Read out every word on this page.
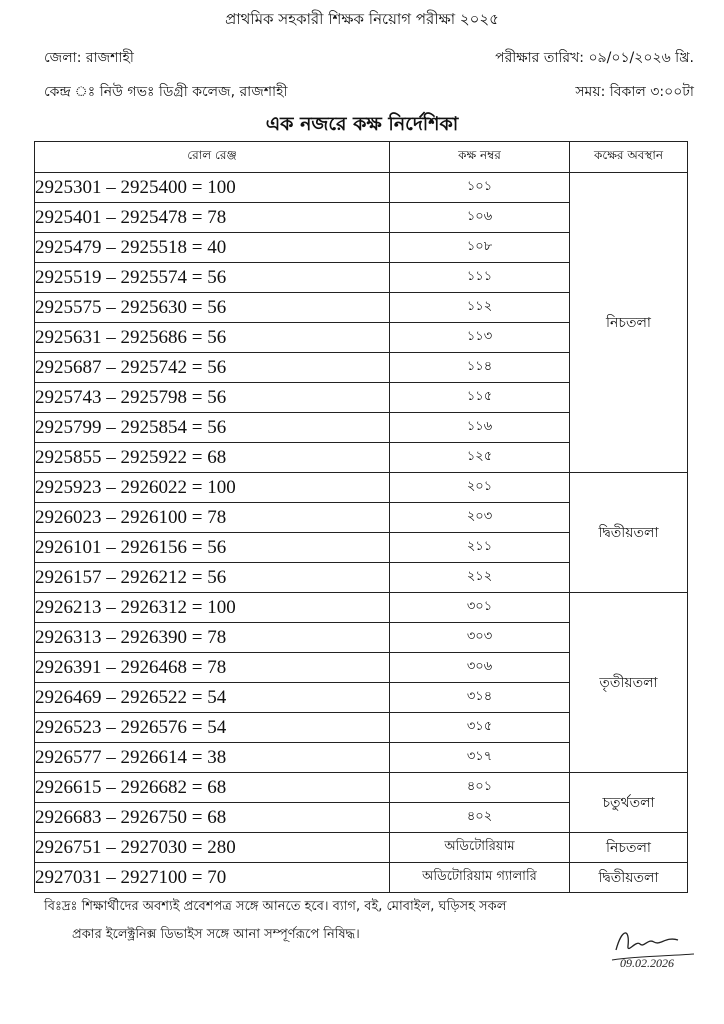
প্রাথমিক সহকারী শিক্ষক নিয়োগ পরীক্ষা ২০২৫
জেলা: রাজশাহী	পরীক্ষার তারিখ: ০৯/০১/২০২৬ খ্রি.
কেন্দ্র ঃ নিউ গভঃ ডিগ্রী কলেজ, রাজশাহী	সময়: বিকাল ৩:০০টা
এক নজরে কক্ষ নির্দেশিকা
রোল রেঞ্জ	কক্ষ নম্বর	কক্ষের অবস্থান
2925301 – 2925400 = 100	১০১	নিচতলা
2925401 – 2925478 = 78	১০৬	
2925479 – 2925518 = 40	১০৮	
2925519 – 2925574 = 56	১১১	
2925575 – 2925630 = 56	১১২	
2925631 – 2925686 = 56	১১৩	
2925687 – 2925742 = 56	১১৪	
2925743 – 2925798 = 56	১১৫	
2925799 – 2925854 = 56	১১৬	
2925855 – 2925922 = 68	১২৫	
2925923 – 2926022 = 100	২০১	দ্বিতীয়তলা
2926023 – 2926100 = 78	২০৩	
2926101 – 2926156 = 56	২১১	
2926157 – 2926212 = 56	২১২	
2926213 – 2926312 = 100	৩০১	তৃতীয়তলা
2926313 – 2926390 = 78	৩০৩	
2926391 – 2926468 = 78	৩০৬	
2926469 – 2926522 = 54	৩১৪	
2926523 – 2926576 = 54	৩১৫	
2926577 – 2926614 = 38	৩১৭	
2926615 – 2926682 = 68	৪০১	চতুর্থতলা
2926683 – 2926750 = 68	৪০২	
2926751 – 2927030 = 280	অডিটোরিয়াম	নিচতলা
2927031 – 2927100 = 70	অডিটোরিয়াম গ্যালারি	দ্বিতীয়তলা

বিঃদ্রঃ শিক্ষার্থীদের অবশ্যই প্রবেশপত্র সঙ্গে আনতে হবে। ব্যাগ, বই, মোবাইল, ঘড়িসহ সকল

প্রকার ইলেক্ট্রনিক্স ডিভাইস সঙ্গে আনা সম্পূর্ণরূপে নিষিদ্ধ।

09.02.2026
